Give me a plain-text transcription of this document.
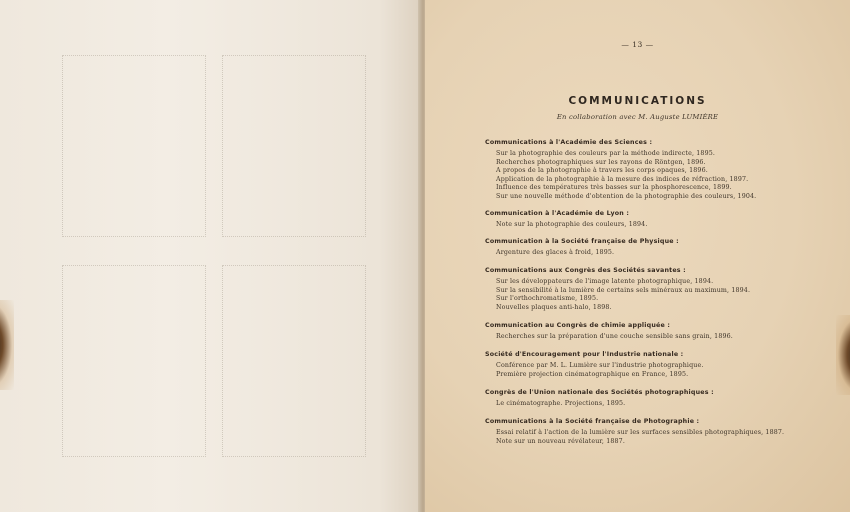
— 13 —
COMMUNICATIONS
En collaboration avec M. Auguste LUMIÈRE
Communications à l'Académie des Sciences :
Sur la photographie des couleurs par la méthode indirecte, 1895.
Recherches photographiques sur les rayons de Röntgen, 1896.
A propos de la photographie à travers les corps opaques, 1896.
Application de la photographie à la mesure des indices de réfraction, 1897.
Influence des températures très basses sur la phosphorescence, 1899.
Sur une nouvelle méthode d'obtention de la photographie des couleurs, 1904.
Communication à l'Académie de Lyon :
Note sur la photographie des couleurs, 1894.
Communication à la Société française de Physique :
Argenture des glaces à froid, 1895.
Communications aux Congrès des Sociétés savantes :
Sur les développateurs de l'image latente photographique, 1894.
Sur la sensibilité à la lumière de certains sels minéraux au maximum, 1894.
Sur l'orthochromatisme, 1895.
Nouvelles plaques anti-halo, 1898.
Communication au Congrès de chimie appliquée :
Recherches sur la préparation d'une couche sensible sans grain, 1896.
Société d'Encouragement pour l'Industrie nationale :
Conférence par M. L. Lumière sur l'industrie photographique.
Première projection cinématographique en France, 1895.
Congrès de l'Union nationale des Sociétés photographiques :
Le cinématographe. Projections, 1895.
Communications à la Société française de Photographie :
Essai relatif à l'action de la lumière sur les surfaces sensibles photographiques, 1887.
Note sur un nouveau révélateur, 1887.
